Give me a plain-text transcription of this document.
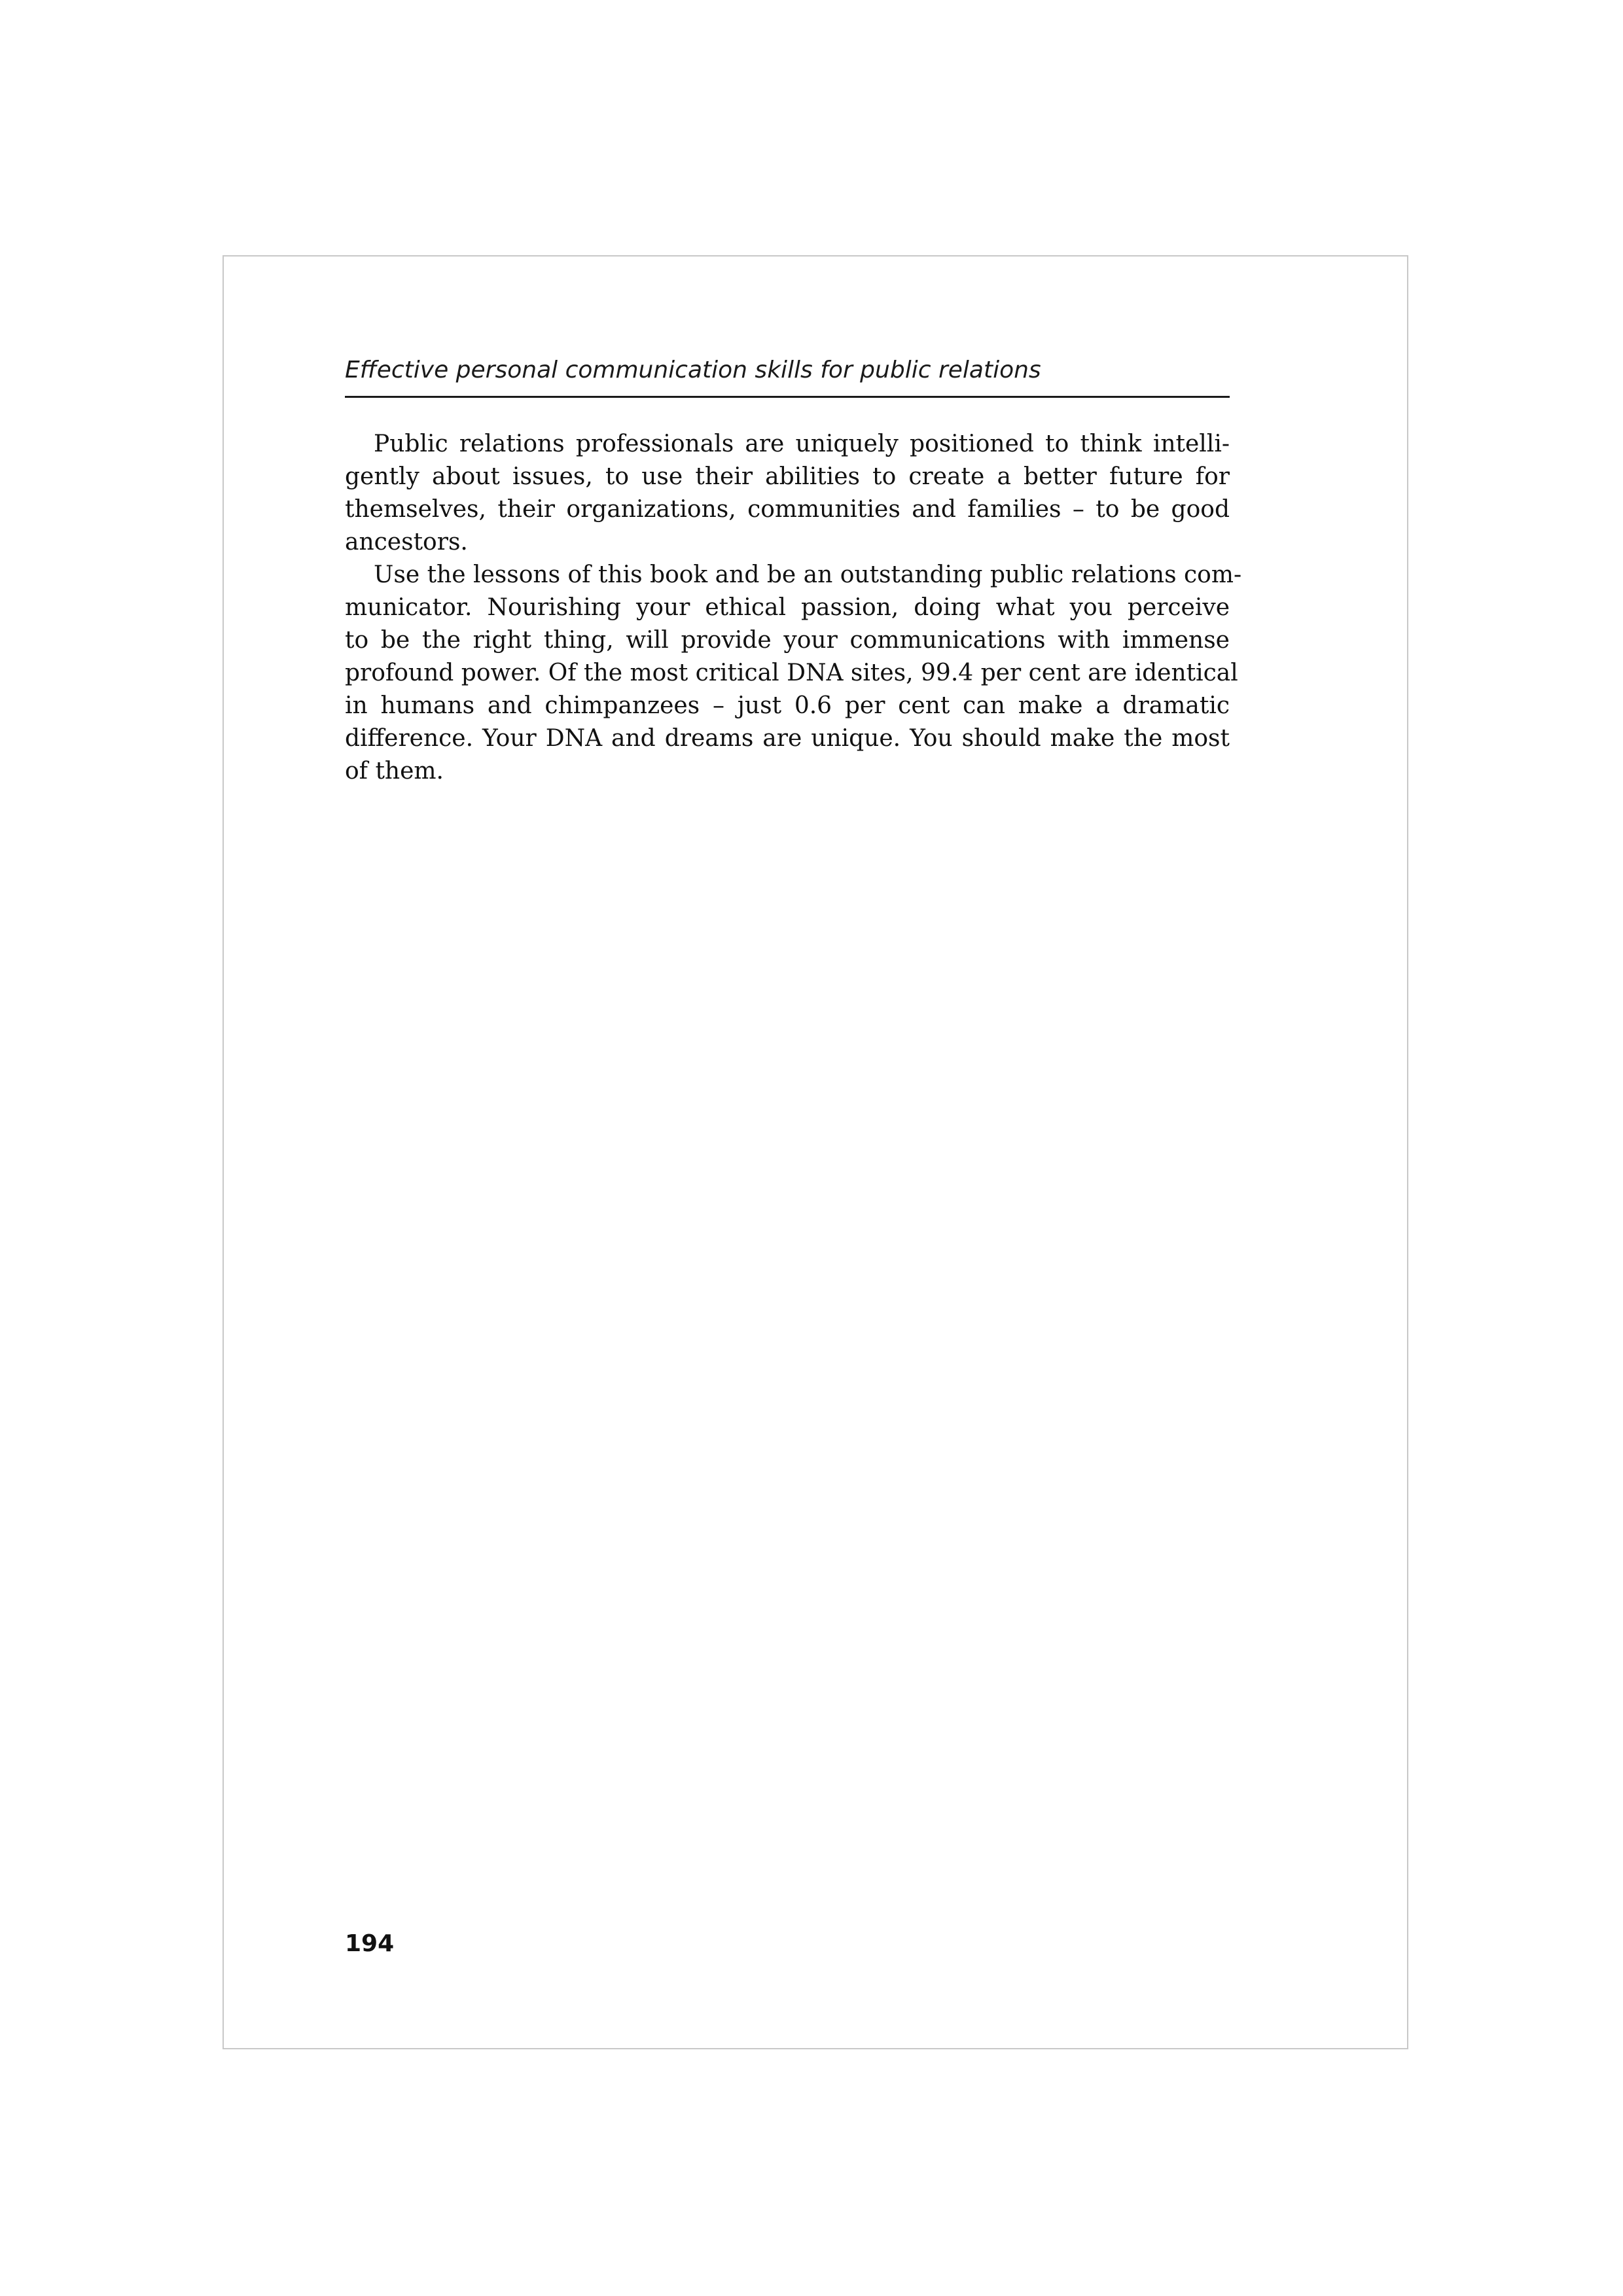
Effective personal communication skills for public relations
Public relations professionals are uniquely positioned to think intelli-
gently about issues, to use their abilities to create a better future for
themselves, their organizations, communities and families – to be good
ancestors.
Use the lessons of this book and be an outstanding public relations com-
municator. Nourishing your ethical passion, doing what you perceive
to be the right thing, will provide your communications with immense
profound power. Of the most critical DNA sites, 99.4 per cent are identical
in humans and chimpanzees – just 0.6 per cent can make a dramatic
difference. Your DNA and dreams are unique. You should make the most
of them.
194
